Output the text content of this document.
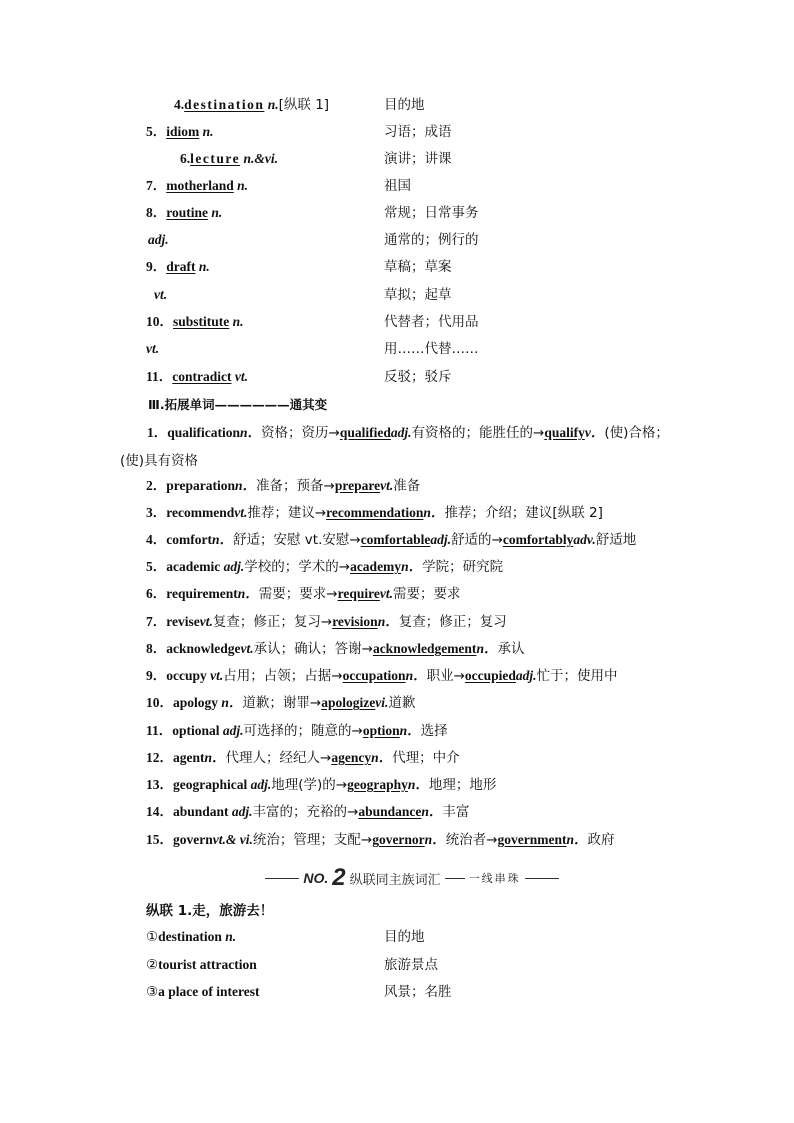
4.destination n.[纵联 1]	目的地
5．idiom n.	习语；成语
6.lecture n.&vi.	演讲；讲课
7．motherland n.	祖国
8．routine n.	常规；日常事务
adj.	通常的；例行的
9．draft n.	草稿；草案
vt.	草拟；起草
10．substitute n.	代替者；代用品
vt.	用……代替……
11．contradict vt.	反驳；驳斥
Ⅲ.拓展单词——————通其变
1．qualificationn．资格；资历→qualifiedadj.有资格的；能胜任的→qualifyv．(使)合格；(使)具有资格
2．preparationn．准备；预备→preparevt.准备
3．recommendvt.推荐；建议→recommendationn．推荐；介绍；建议[纵联 2]
4．comfortn．舒适；安慰 vt.安慰→comfortableadj.舒适的→comfortablyadv.舒适地
5．academic adj.学校的；学术的→academyn．学院；研究院
6．requirementn．需要；要求→requirevt.需要；要求
7．revisevt.复查；修正；复习→revisionn．复查；修正；复习
8．acknowledgevt.承认；确认；答谢→acknowledgementn．承认
9．occupy vt.占用；占领；占据→occupationn．职业→occupiedadj.忙于；使用中
10．apology n．道歉；谢罪→apologizevi.道歉
11．optional adj.可选择的；随意的→optionn．选择
12．agentn．代理人；经纪人→agencyn．代理；中介
13．geographical adj.地理(学)的→geographyn．地理；地形
14．abundant adj.丰富的；充裕的→abundancen．丰富
15．governvt.& vi.统治；管理；支配→governorn．统治者→governmentn．政府
NO. 2 纵联同主族词汇	一线串珠
纵联 1.走，旅游去！
①destination n.	目的地
②tourist attraction	旅游景点
③a place of interest	风景；名胜
